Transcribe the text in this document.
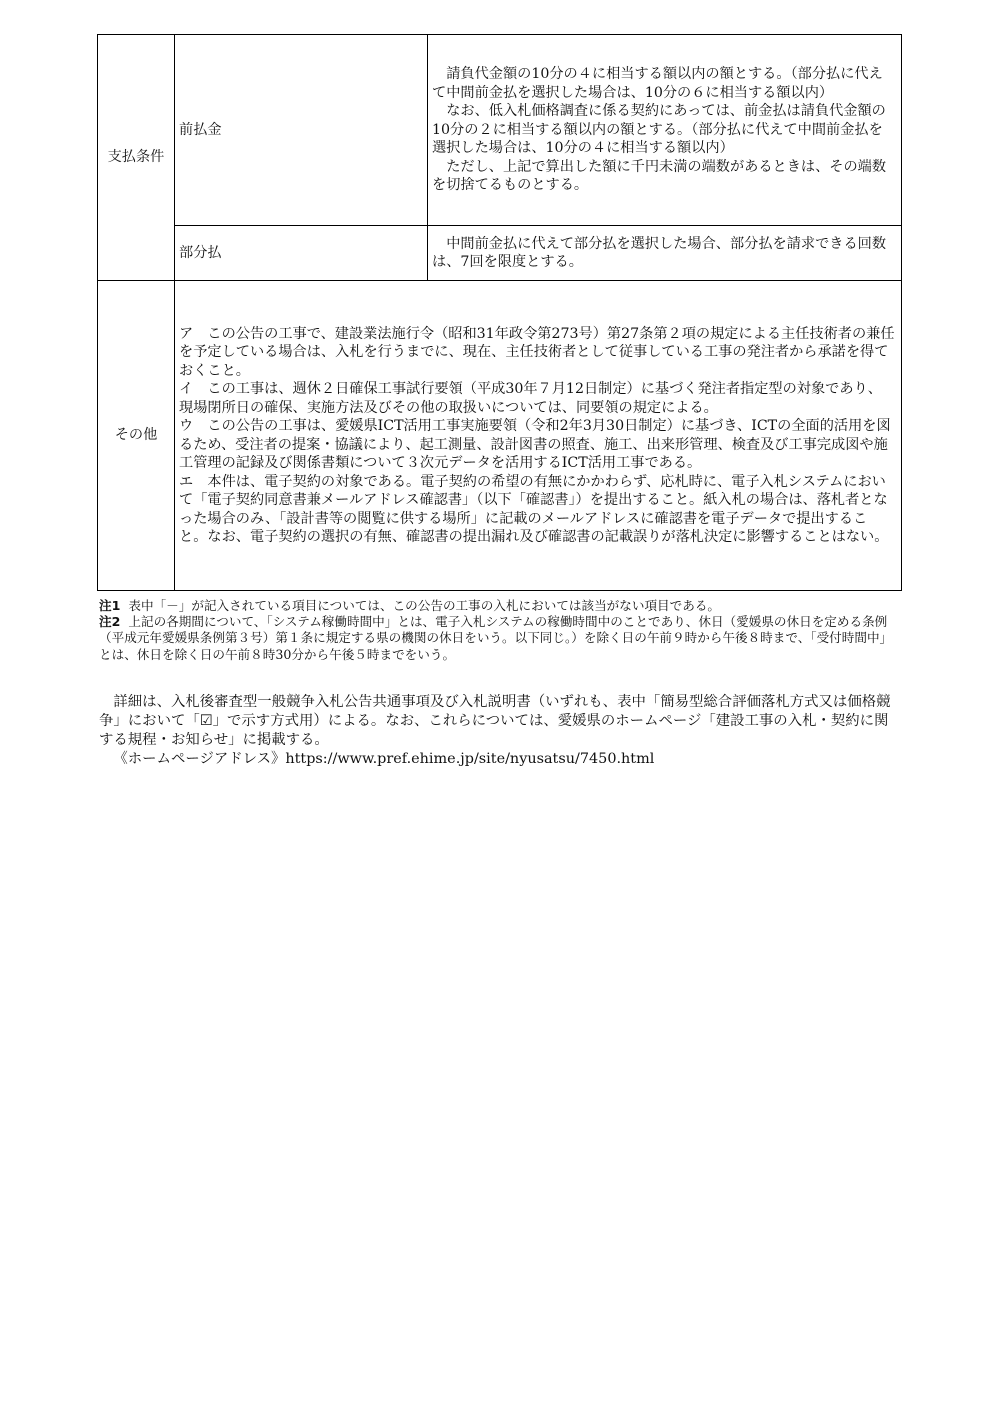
支払条件	前払金	請負代金額の10分の４に相当する額以内の額とする。（部分払に代えて中間前金払を選択した場合は、10分の６に相当する額以内）
なお、低入札価格調査に係る契約にあっては、前金払は請負代金額の10分の２に相当する額以内の額とする。（部分払に代えて中間前金払を選択した場合は、10分の４に相当する額以内）
ただし、上記で算出した額に千円未満の端数があるときは、その端数を切捨てるものとする。

	部分払	中間前金払に代えて部分払を選択した場合、部分払を請求できる回数は、7回を限度とする。

その他	ア　この公告の工事で、建設業法施行令（昭和31年政令第273号）第27条第２項の規定による主任技術者の兼任を予定している場合は、入札を行うまでに、現在、主任技術者として従事している工事の発注者から承諾を得ておくこと。
イ　この工事は、週休２日確保工事試行要領（平成30年７月12日制定）に基づく発注者指定型の対象であり、現場閉所日の確保、実施方法及びその他の取扱いについては、同要領の規定による。
ウ　この公告の工事は、愛媛県ICT活用工事実施要領（令和2年3月30日制定）に基づき、ICTの全面的活用を図るため、受注者の提案・協議により、起工測量、設計図書の照査、施工、出来形管理、検査及び工事完成図や施工管理の記録及び関係書類について３次元データを活用するICT活用工事である。
エ　本件は、電子契約の対象である。電子契約の希望の有無にかかわらず、応札時に、電子入札システムにおいて「電子契約同意書兼メールアドレス確認書」（以下「確認書」）を提出すること。紙入札の場合は、落札者となった場合のみ、「設計書等の閲覧に供する場所」に記載のメールアドレスに確認書を電子データで提出すること。なお、電子契約の選択の有無、確認書の提出漏れ及び確認書の記載誤りが落札決定に影響することはない。	
注1 表中「－」が記入されている項目については、この公告の工事の入札においては該当がない項目である。
注2 上記の各期間について、「システム稼働時間中」とは、電子入札システムの稼働時間中のことであり、休日（愛媛県の休日を定める条例（平成元年愛媛県条例第３号）第１条に規定する県の機関の休日をいう。以下同じ。）を除く日の午前９時から午後８時まで、「受付時間中」とは、休日を除く日の午前８時30分から午後５時までをいう。

詳細は、入札後審査型一般競争入札公告共通事項及び入札説明書（いずれも、表中「簡易型総合評価落札方式又は価格競争」において「☑」で示す方式用）による。なお、これらについては、愛媛県のホームページ「建設工事の入札・契約に関する規程・お知らせ」に掲載する。

《ホームページアドレス》https://www.pref.ehime.jp/site/nyusatsu/7450.html
